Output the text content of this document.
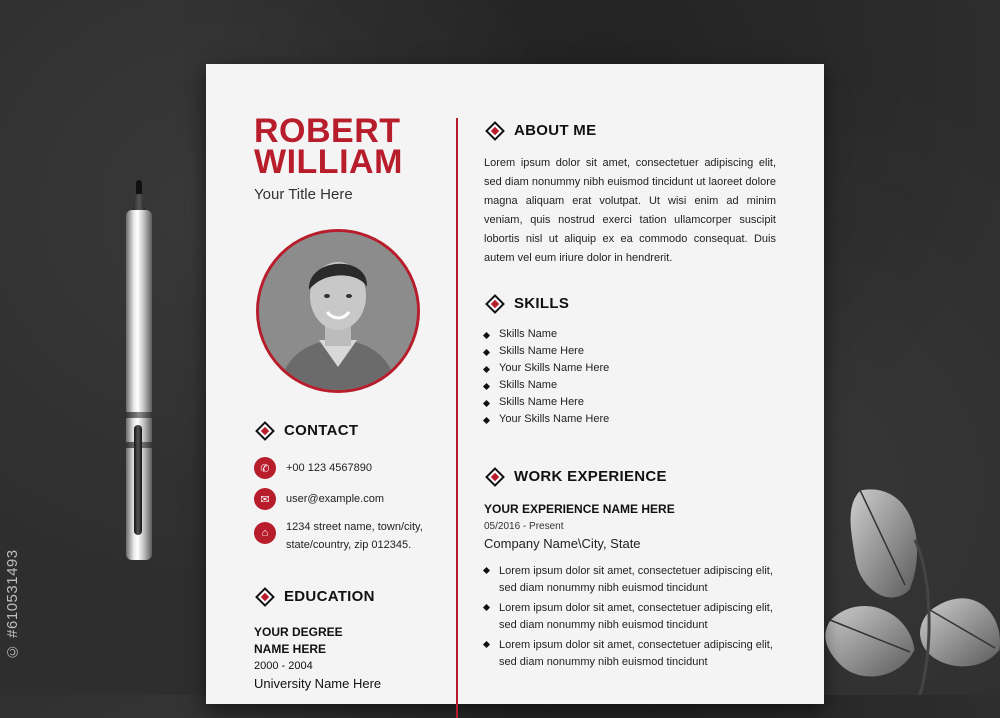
© #610531493
ROBERT
WILLIAM
Your Title Here
CONTACT
✆	+00 123 4567890
✉	user@example.com
⌂	1234 street name, town/city,
state/country, zip 012345.
EDUCATION
YOUR DEGREE
NAME HERE
2000 - 2004
University Name Here
ABOUT ME
Lorem ipsum dolor sit amet, consectetuer adipiscing elit, sed diam nonummy nibh euismod tincidunt ut laoreet dolore magna aliquam erat volutpat. Ut wisi enim ad minim veniam, quis nostrud exerci tation ullamcorper suscipit lobortis nisl ut aliquip ex ea commodo consequat. Duis autem vel eum iriure dolor in hendrerit.
SKILLS
Skills Name
Skills Name Here
Your Skills Name Here
Skills Name
Skills Name Here
Your Skills Name Here
WORK EXPERIENCE
YOUR EXPERIENCE NAME HERE
05/2016 - Present
Company Name\City, State
Lorem ipsum dolor sit amet, consectetuer adipiscing elit, sed diam nonummy nibh euismod tincidunt
Lorem ipsum dolor sit amet, consectetuer adipiscing elit, sed diam nonummy nibh euismod tincidunt
Lorem ipsum dolor sit amet, consectetuer adipiscing elit, sed diam nonummy nibh euismod tincidunt
